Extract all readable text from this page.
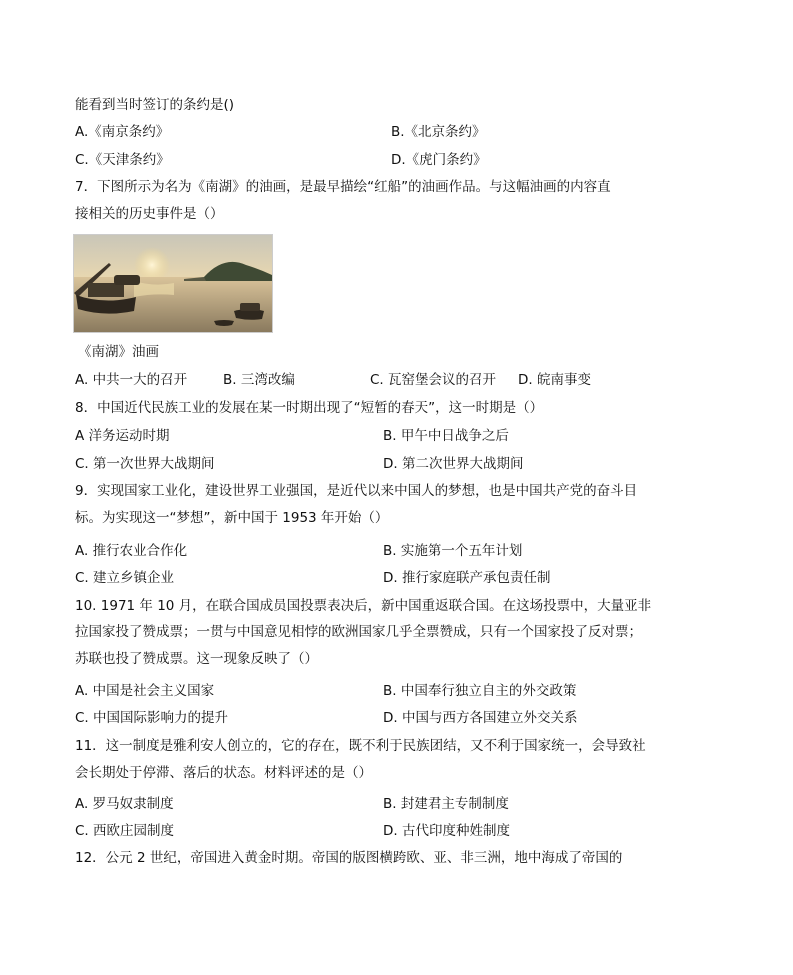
能看到当时签订的条约是()
A.《南京条约》	B.《北京条约》
C.《天津条约》	D.《虎门条约》
7．下图所示为名为《南湖》的油画，是最早描绘“红船”的油画作品。与这幅油画的内容直
接相关的历史事件是（）
《南湖》油画
A. 中共一大的召开	B. 三湾改编	C. 瓦窑堡会议的召开 D. 皖南事变
8．中国近代民族工业的发展在某一时期出现了“短暂的春天”，这一时期是（）
A 洋务运动时期	B. 甲午中日战争之后
C. 第一次世界大战期间	D. 第二次世界大战期间
9．实现国家工业化，建设世界工业强国，是近代以来中国人的梦想，也是中国共产党的奋斗目
标。为实现这一“梦想”，新中国于 1953 年开始（）
A. 推行农业合作化	B. 实施第一个五年计划
C. 建立乡镇企业	D. 推行家庭联产承包责任制
10. 1971 年 10 月，在联合国成员国投票表决后，新中国重返联合国。在这场投票中，大量亚非
拉国家投了赞成票；一贯与中国意见相悖的欧洲国家几乎全票赞成，只有一个国家投了反对票；
苏联也投了赞成票。这一现象反映了（）
A. 中国是社会主义国家	B. 中国奉行独立自主的外交政策
C. 中国国际影响力的提升	D. 中国与西方各国建立外交关系
11．这一制度是雅利安人创立的，它的存在，既不利于民族团结，又不利于国家统一，会导致社
会长期处于停滞、落后的状态。材料评述的是（）
A. 罗马奴隶制度	B. 封建君主专制制度
C. 西欧庄园制度	D. 古代印度种姓制度
12．公元 2 世纪，帝国进入黄金时期。帝国的版图横跨欧、亚、非三洲，地中海成了帝国的
